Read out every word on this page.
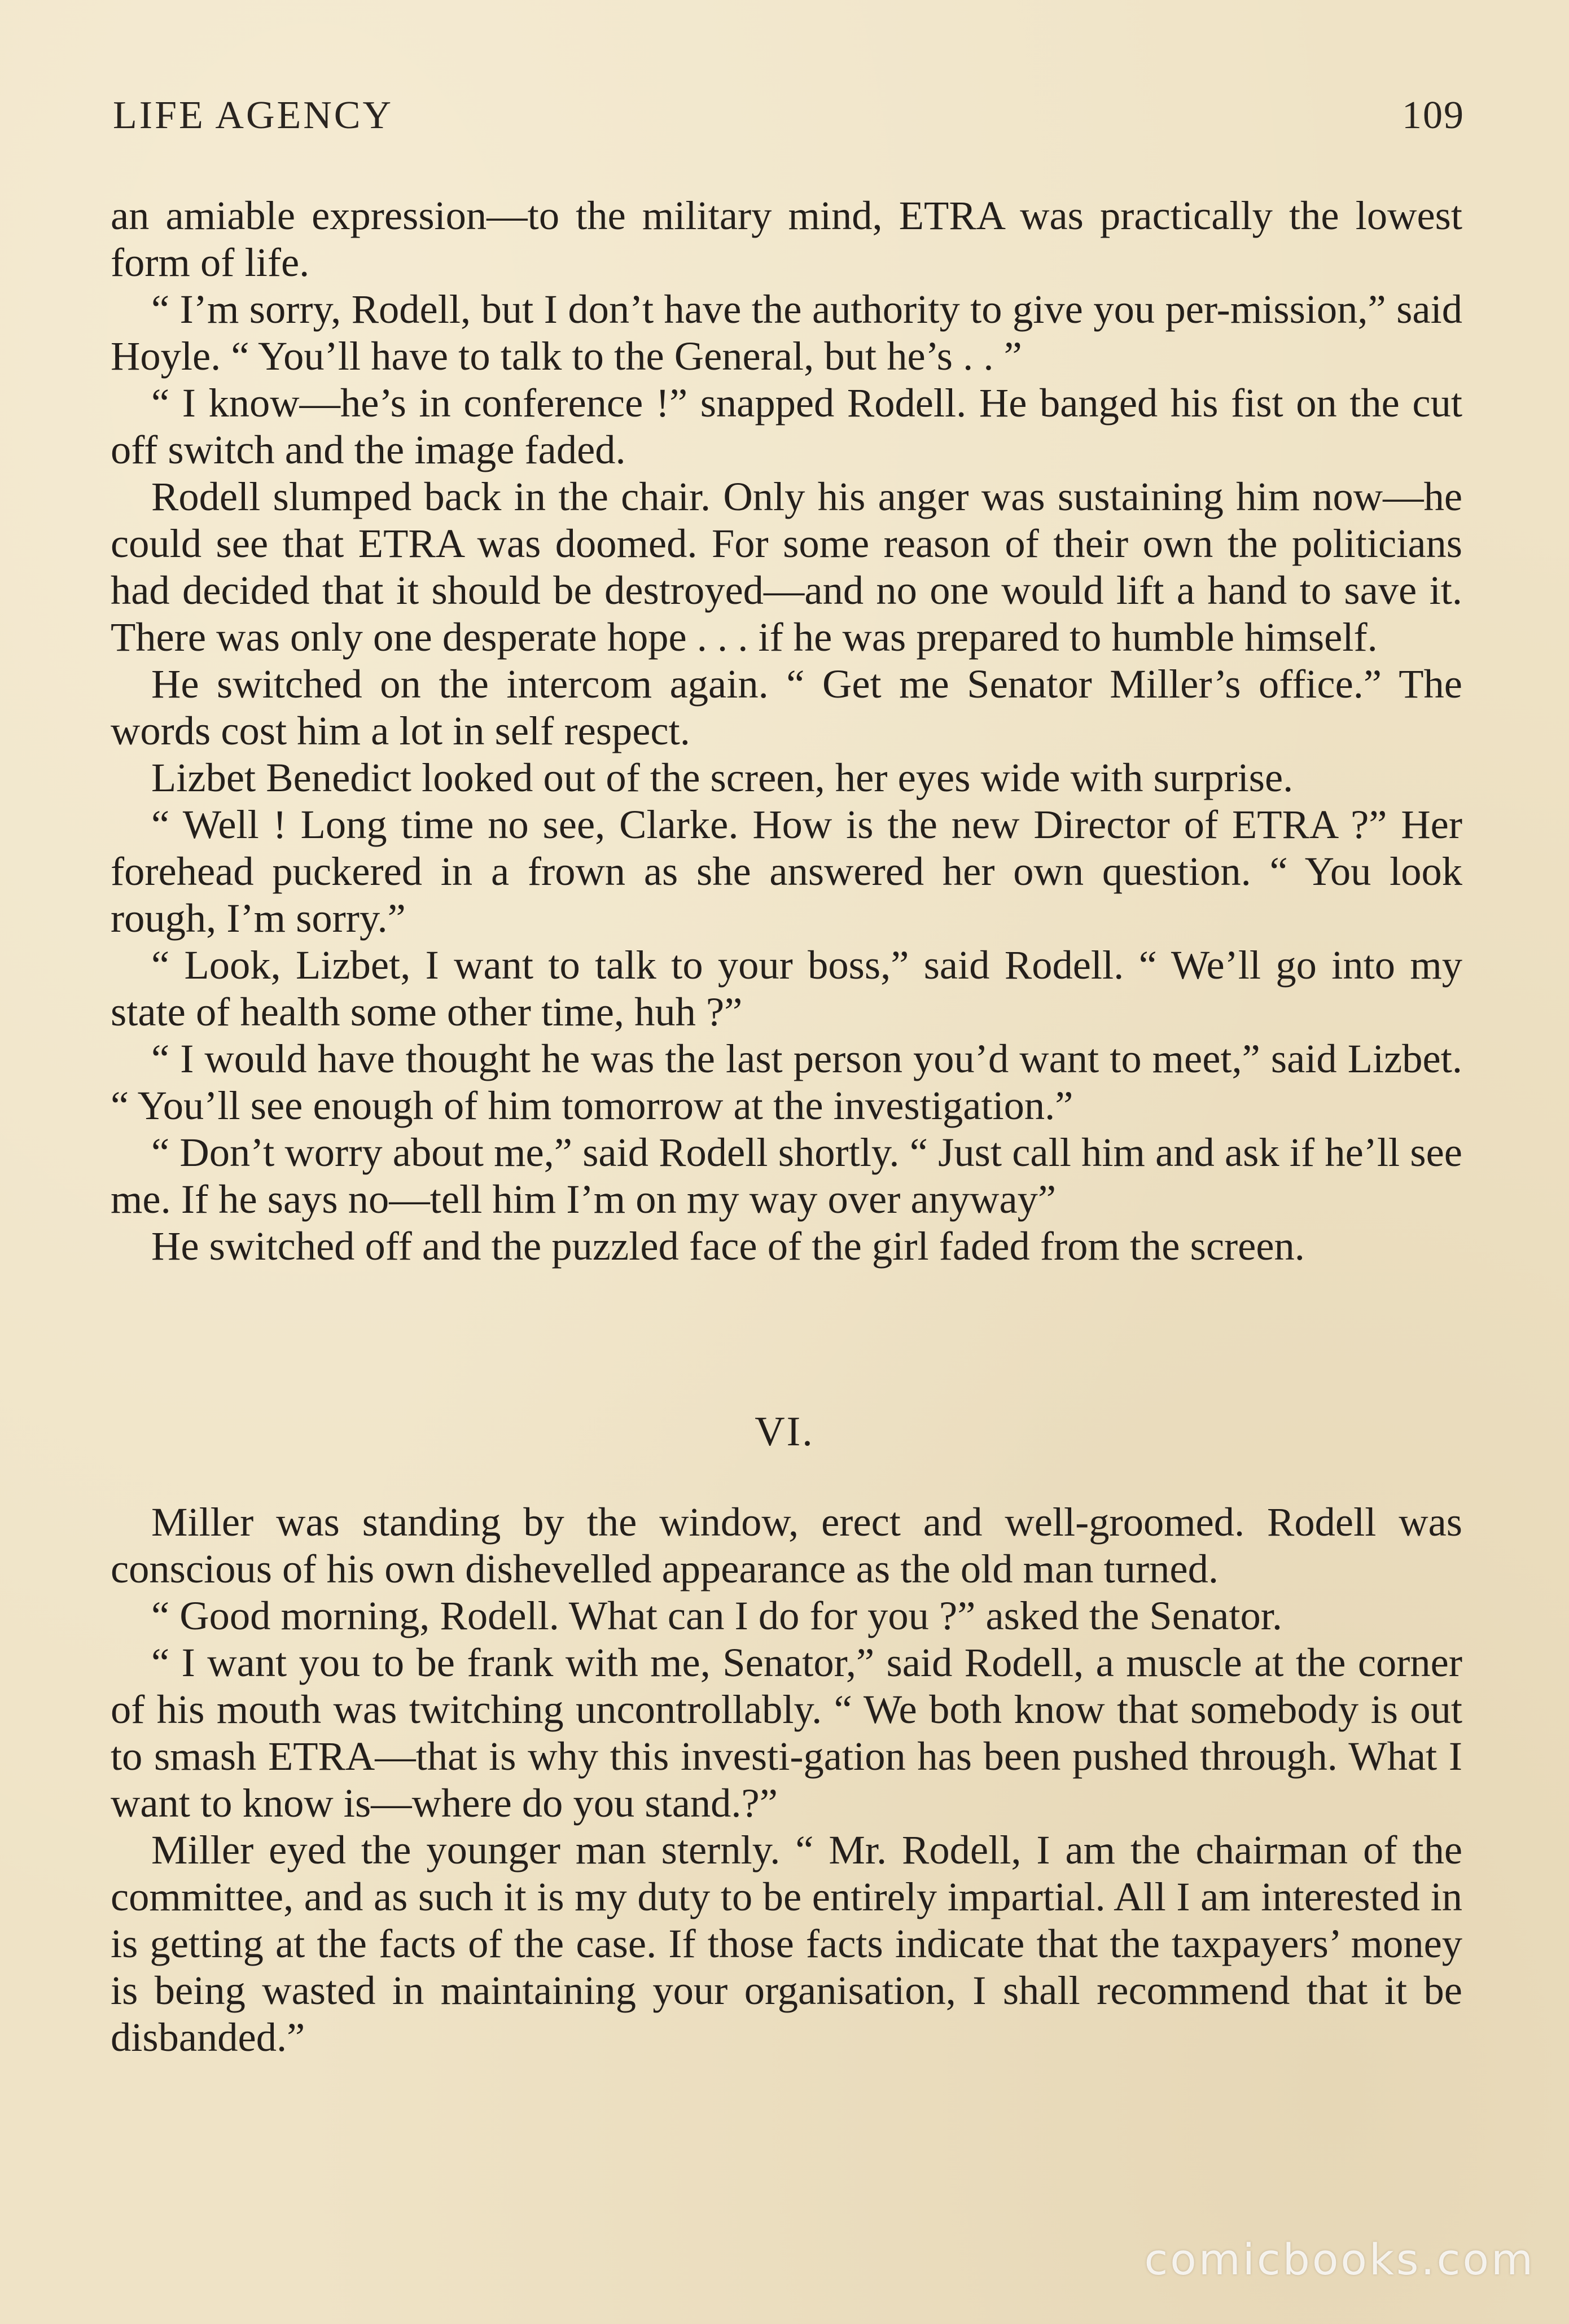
LIFE AGENCY	109

an amiable expression—to the military mind, ETRA was practically the lowest form of life.

“ I’m sorry, Rodell, but I don’t have the authority to give you per-mission,” said Hoyle. “ You’ll have to talk to the General, but he’s . . ”

“ I know—he’s in conference !” snapped Rodell. He banged his fist on the cut off switch and the image faded.

Rodell slumped back in the chair. Only his anger was sustaining him now—he could see that ETRA was doomed. For some reason of their own the politicians had decided that it should be destroyed—and no one would lift a hand to save it. There was only one desperate hope . . . if he was prepared to humble himself.

He switched on the intercom again. “ Get me Senator Miller’s office.” The words cost him a lot in self respect.

Lizbet Benedict looked out of the screen, her eyes wide with surprise.

“ Well ! Long time no see, Clarke. How is the new Director of ETRA ?” Her forehead puckered in a frown as she answered her own question. “ You look rough, I’m sorry.”

“ Look, Lizbet, I want to talk to your boss,” said Rodell. “ We’ll go into my state of health some other time, huh ?”

“ I would have thought he was the last person you’d want to meet,” said Lizbet. “ You’ll see enough of him tomorrow at the investigation.”

“ Don’t worry about me,” said Rodell shortly. “ Just call him and ask if he’ll see me. If he says no—tell him I’m on my way over anyway”

He switched off and the puzzled face of the girl faded from the screen.

VI.

Miller was standing by the window, erect and well-groomed. Rodell was conscious of his own dishevelled appearance as the old man turned.

“ Good morning, Rodell. What can I do for you ?” asked the Senator.

“ I want you to be frank with me, Senator,” said Rodell, a muscle at the corner of his mouth was twitching uncontrollably. “ We both know that somebody is out to smash ETRA—that is why this investi-gation has been pushed through. What I want to know is—where do you stand.?”

Miller eyed the younger man sternly. “ Mr. Rodell, I am the chairman of the committee, and as such it is my duty to be entirely impartial. All I am interested in is getting at the facts of the case. If those facts indicate that the taxpayers’ money is being wasted in maintaining your organisation, I shall recommend that it be disbanded.”

comicbooks.com
